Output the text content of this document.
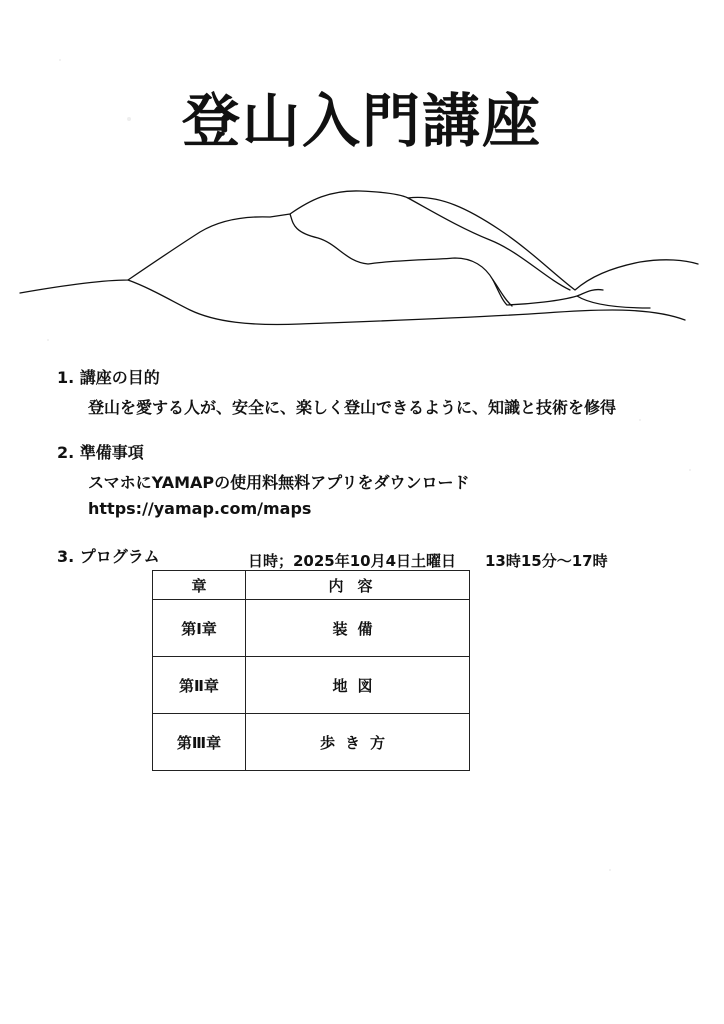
登山入門講座
1. 講座の目的
登山を愛する人が、安全に、楽しく登山できるように、知識と技術を修得
2. 準備事項
スマホにYAMAPの使用料無料アプリをダウンロード
https://yamap.com/maps
3. プログラム	日時；2025年10月4日土曜日 13時15分～17時
章	内容
第Ⅰ章	装備
第Ⅱ章	地図
第Ⅲ章	歩き方
